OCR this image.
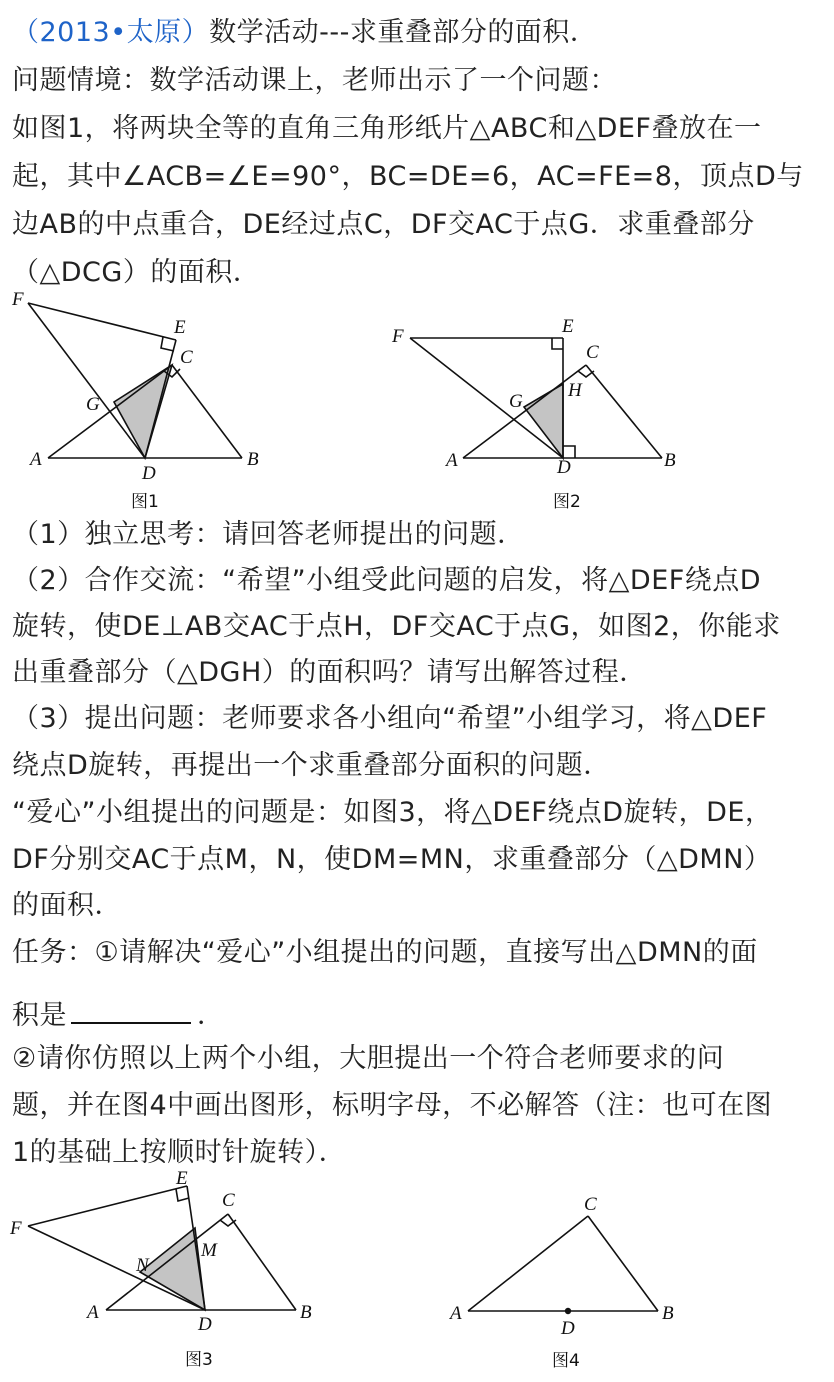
（2013•太原）数学活动---求重叠部分的面积．
问题情境：数学活动课上，老师出示了一个问题：
如图1，将两块全等的直角三角形纸片△ABC和△DEF叠放在一
起，其中∠ACB=∠E=90°，BC=DE=6，AC=FE=8，顶点D与
边AB的中点重合，DE经过点C，DF交AC于点G．求重叠部分
（△DCG）的面积．
F
E
C
G
A
D
B
图1
F	E
C
H
G
A	D	B
图2
（1）独立思考：请回答老师提出的问题．
（2）合作交流：“希望”小组受此问题的启发，将△DEF绕点D
旋转，使DE⊥AB交AC于点H，DF交AC于点G，如图2，你能求
出重叠部分（△DGH）的面积吗？请写出解答过程．
（3）提出问题：老师要求各小组向“希望”小组学习，将△DEF
绕点D旋转，再提出一个求重叠部分面积的问题．
“爱心”小组提出的问题是：如图3，将△DEF绕点D旋转，DE，
DF分别交AC于点M，N，使DM=MN，求重叠部分（△DMN）
的面积．
任务：①请解决“爱心”小组提出的问题，直接写出△DMN的面
积是	．
②请你仿照以上两个小组，大胆提出一个符合老师要求的问
题，并在图4中画出图形，标明字母，不必解答（注：也可在图
1的基础上按顺时针旋转）．
E
C
F
M
N
A
D
B
图3
C
A
D
B
图4
